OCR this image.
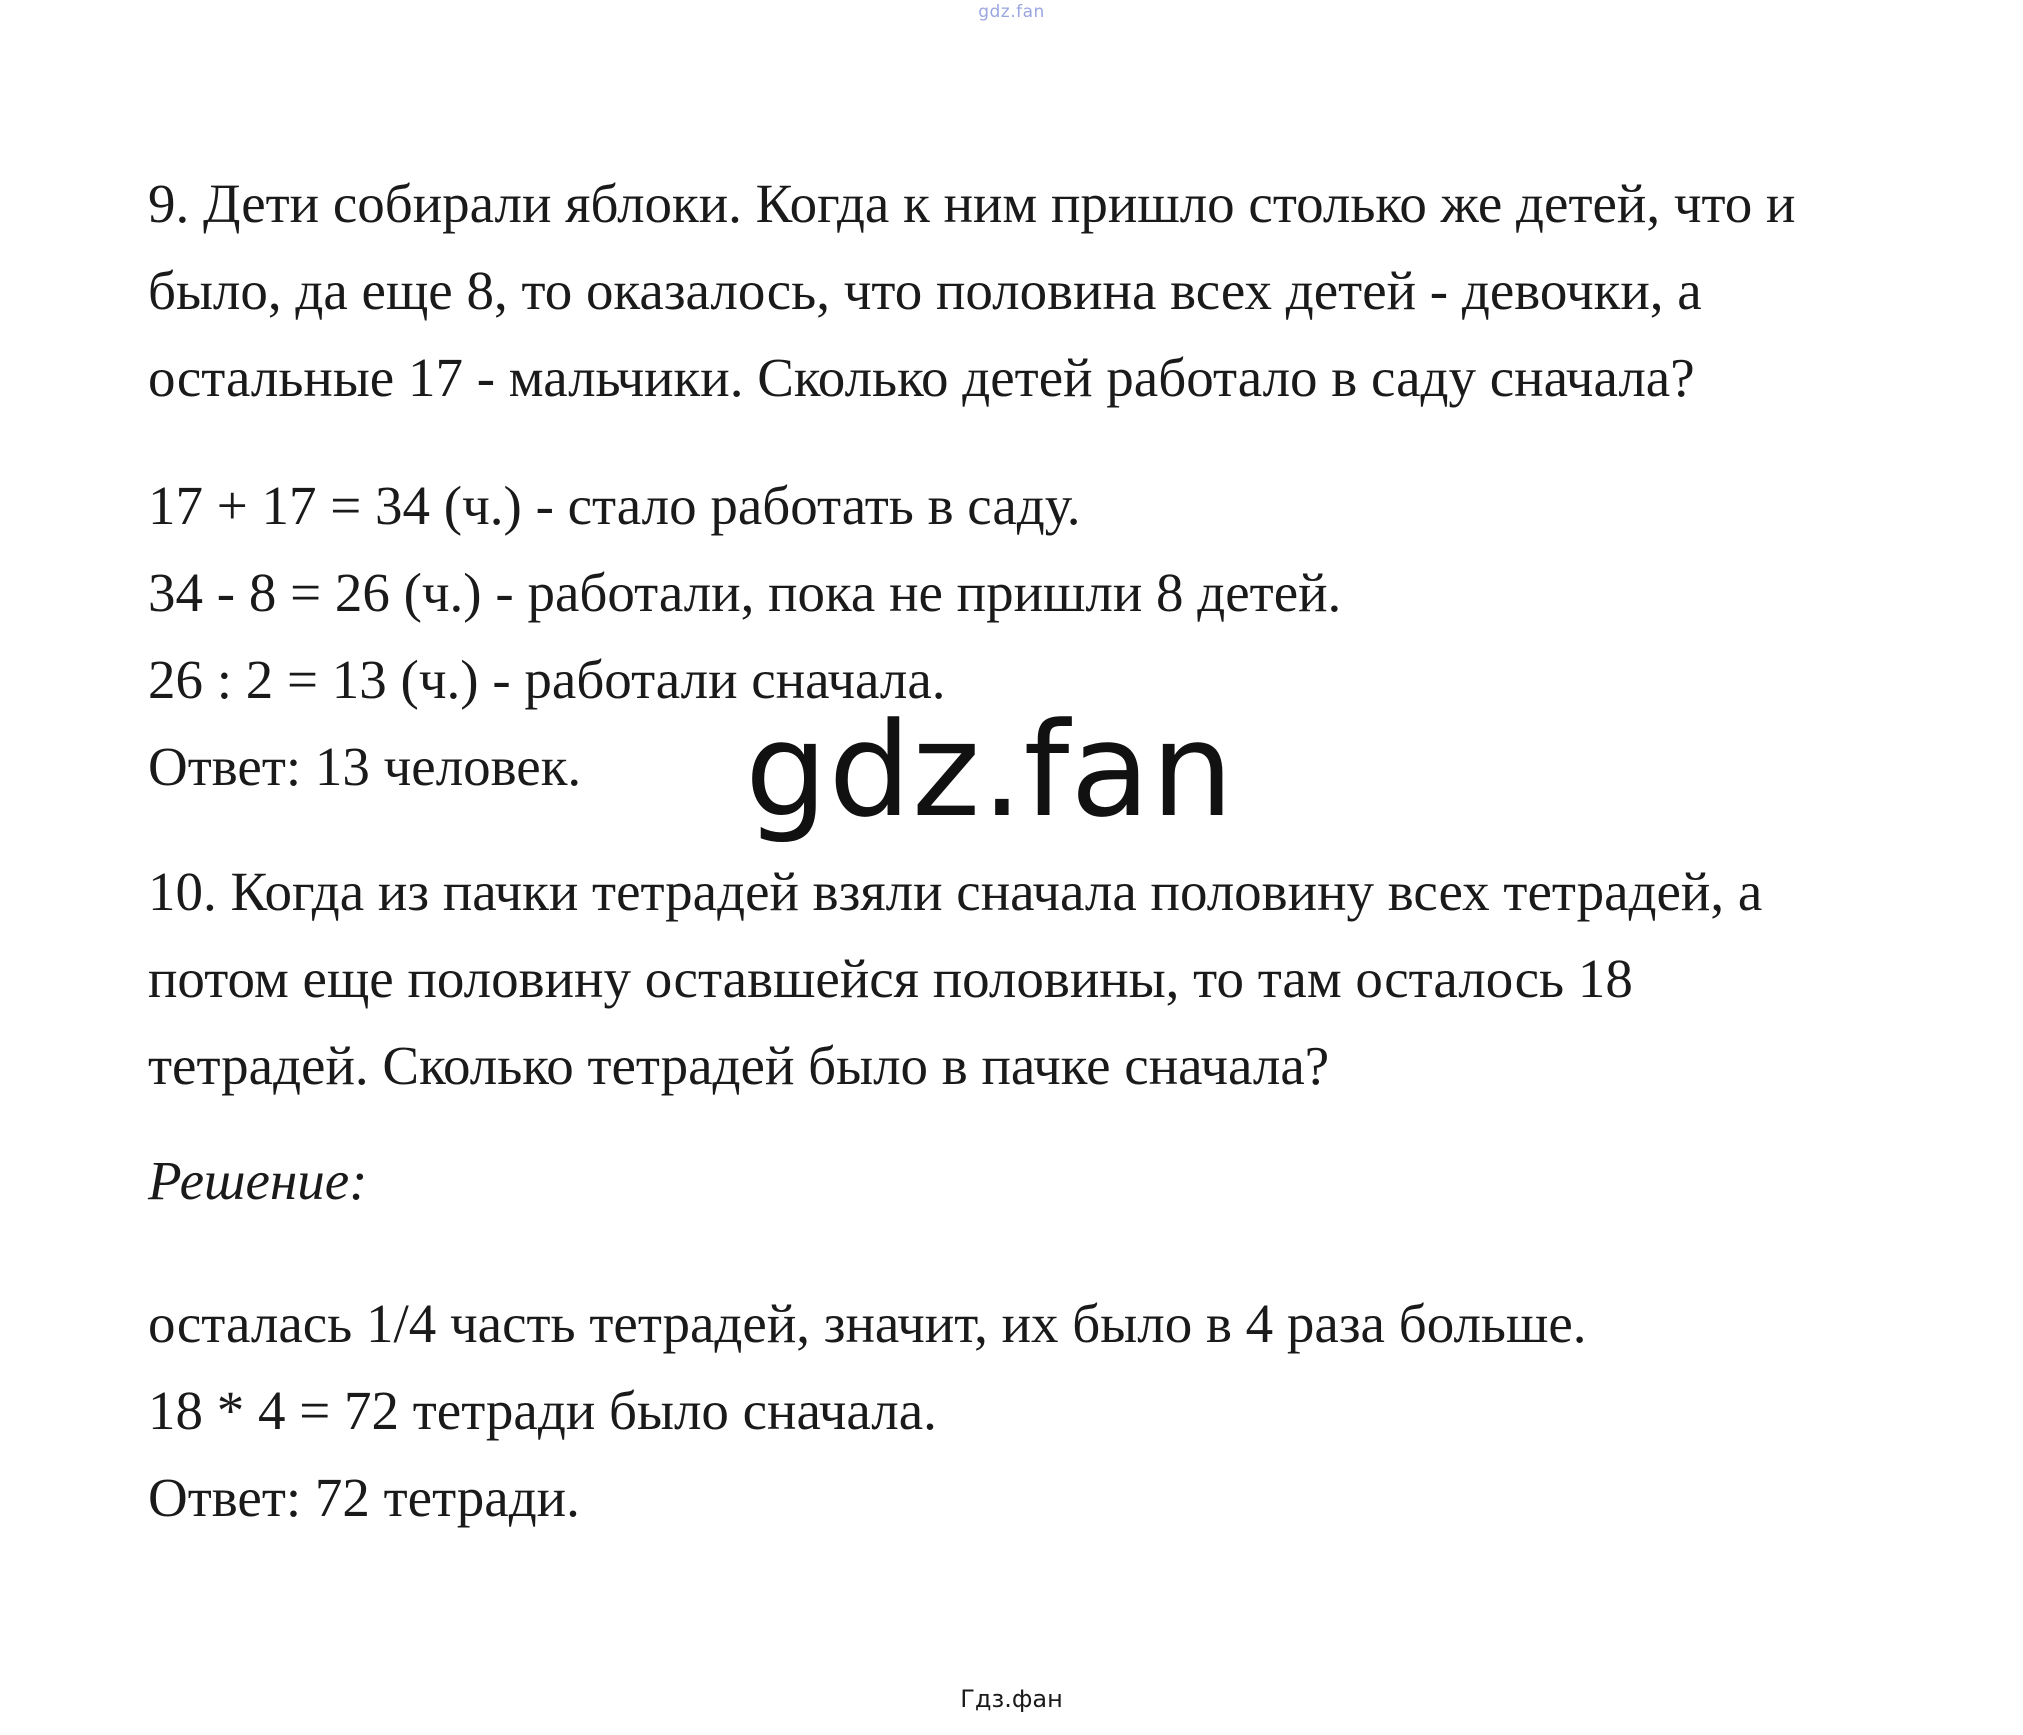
gdz.fan

9. Дети собирали яблоки. Когда к ним пришло столько же детей, что и

было, да еще 8, то оказалось, что половина всех детей - девочки, а

остальные 17 - мальчики. Сколько детей работало в саду сначала?

17 + 17 = 34 (ч.) - стало работать в саду.

34 - 8 = 26 (ч.) - работали, пока не пришли 8 детей.

26 : 2 = 13 (ч.) - работали сначала.

Ответ: 13 человек.

10. Когда из пачки тетрадей взяли сначала половину всех тетрадей, а

потом еще половину оставшейся половины, то там осталось 18

тетрадей. Сколько тетрадей было в пачке сначала?

Решение:

осталась 1/4 часть тетрадей, значит, их было в 4 раза больше.

18 * 4 = 72 тетради было сначала.

Ответ: 72 тетради.

gdz.fan
Гдз.фан
